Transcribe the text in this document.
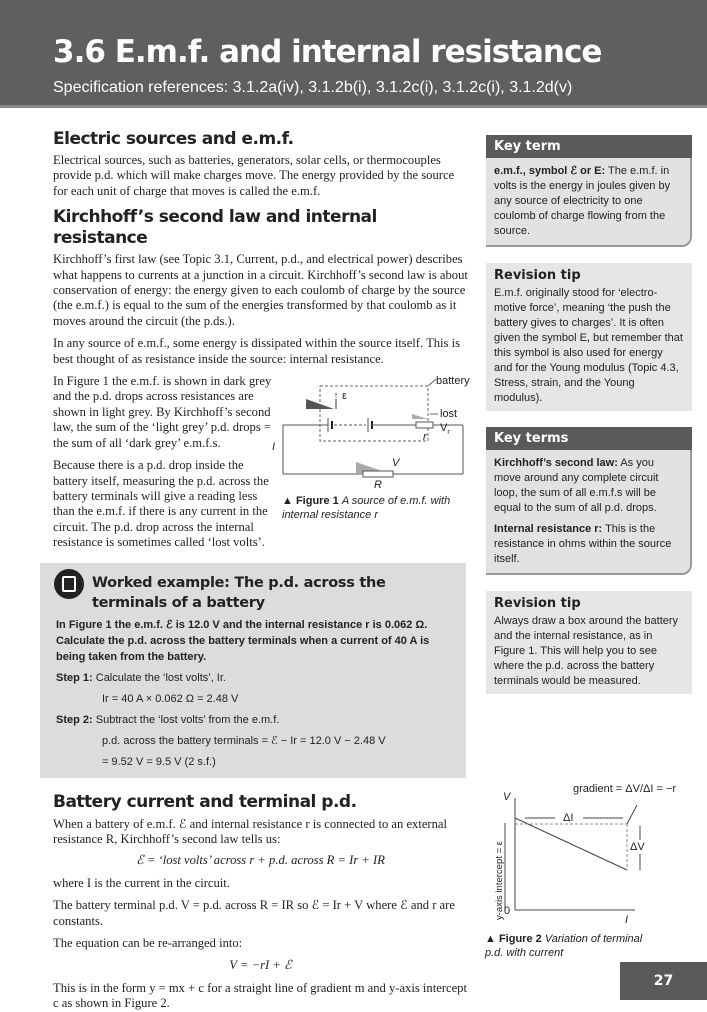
3.6 E.m.f. and internal resistance
Specification references: 3.1.2a(iv), 3.1.2b(i), 3.1.2c(i), 3.1.2c(i), 3.1.2d(v)
Electric sources and e.m.f.

Electrical sources, such as batteries, generators, solar cells, or thermocouples provide p.d. which will make charges move. The energy provided by the source for each unit of charge that moves is called the e.m.f.

Kirchhoff’s second law and internal resistance

Kirchhoff’s first law (see Topic 3.1, Current, p.d., and electrical power) describes what happens to currents at a junction in a circuit. Kirchhoff’s second law is about conservation of energy: the energy given to each coulomb of charge by the source (the e.m.f.) is equal to the sum of the energies transformed by that coulomb as it moves around the circuit (the p.ds.).

In any source of e.m.f., some energy is dissipated within the source itself. This is best thought of as resistance inside the source: internal resistance.

↑
battery
lost $V_r$
ε
r
I
V
R
▲ Figure 1 A source of e.m.f. with internal resistance r

In Figure 1 the e.m.f. is shown in dark grey and the p.d. drops across resistances are shown in light grey. By Kirchhoff’s second law, the sum of the ‘light grey’ p.d. drops = the sum of all ‘dark grey’ e.m.f.s.

Because there is a p.d. drop inside the battery itself, measuring the p.d. across the battery terminals will give a reading less than the e.m.f. if there is any current in the circuit. The p.d. drop across the internal resistance is sometimes called ‘lost volts’.

Worked example: The p.d. across the terminals of a battery

In Figure 1 the e.m.f. ℰ is 12.0 V and the internal resistance r is 0.062 Ω. Calculate the p.d. across the battery terminals when a current of 40 A is being taken from the battery.

Step 1: Calculate the ‘lost volts’, Ir.
Ir = 40 A × 0.062 Ω = 2.48 V
Step 2: Subtract the ‘lost volts’ from the e.m.f.
p.d. across the battery terminals = ℰ − Ir = 12.0 V − 2.48 V
= 9.52 V = 9.5 V (2 s.f.)
Battery current and terminal p.d.

When a battery of e.m.f. ℰ and internal resistance r is connected to an external resistance R, Kirchhoff’s second law tells us:

ℰ = ‘lost volts’ across r + p.d. across R = Ir + IR

where I is the current in the circuit.

The battery terminal p.d. V = p.d. across R = IR so ℰ = Ir + V where ℰ and r are constants.

The equation can be re-arranged into:

V = −rI + ℰ

This is in the form y = mx + c for a straight line of gradient m and y-axis intercept c as shown in Figure 2.

Key term
e.m.f., symbol ℰ or E: The e.m.f. in volts is the energy in joules given by any source of electricity to one coulomb of charge flowing from the source.
Revision tip
E.m.f. originally stood for ‘electro-motive force’, meaning ‘the push the battery gives to charges’. It is often given the symbol E, but remember that this symbol is also used for energy and for the Young modulus (Topic 4.3, Stress, strain, and the Young modulus).
Key terms
Kirchhoff’s second law: As you move around any complete circuit loop, the sum of all e.m.f.s will be equal to the sum of all p.d. drops.
Internal resistance r: This is the resistance in ohms within the source itself.
Revision tip
Always draw a box around the battery and the internal resistance, as in Figure 1. This will help you to see where the p.d. across the battery terminals would be measured.
gradient = ΔV/ΔI = −r
V
ΔI
ΔV
y-axis intercept = ε 0
I
▲ Figure 2 Variation of terminal p.d. with current
27
